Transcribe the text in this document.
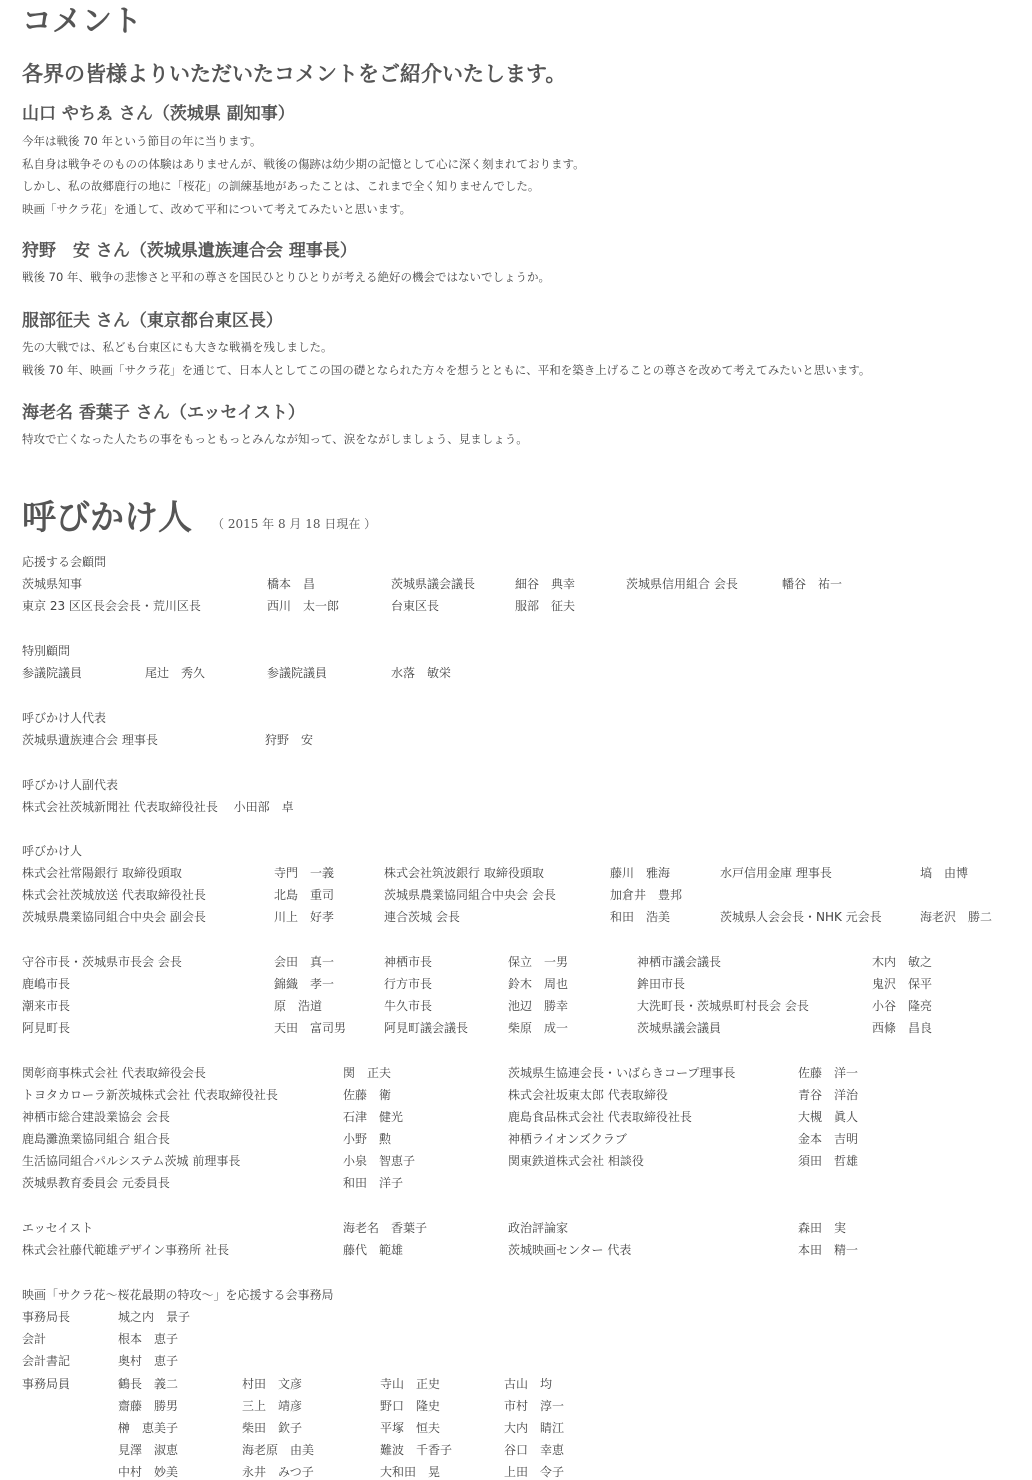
コメント
各界の皆様よりいただいたコメントをご紹介いたします。
山口 やちゑ さん（茨城県 副知事）
今年は戦後 70 年という節目の年に当ります。
私自身は戦争そのものの体験はありませんが、戦後の傷跡は幼少期の記憶として心に深く刻まれております。
しかし、私の故郷鹿行の地に「桜花」の訓練基地があったことは、これまで全く知りませんでした。
映画「サクラ花」を通して、改めて平和について考えてみたいと思います。
狩野　安 さん（茨城県遺族連合会 理事長）
戦後 70 年、戦争の悲惨さと平和の尊さを国民ひとりひとりが考える絶好の機会ではないでしょうか。
服部征夫 さん（東京都台東区長）
先の大戦では、私ども台東区にも大きな戦禍を残しました。
戦後 70 年、映画「サクラ花」を通じて、日本人としてこの国の礎となられた方々を想うとともに、平和を築き上げることの尊さを改めて考えてみたいと思います。
海老名 香葉子 さん（エッセイスト）
特攻で亡くなった人たちの事をもっともっとみんなが知って、涙をながしましょう、見ましょう。
呼びかけ人 （ 2015 年 8 月 18 日現在 ）
応援する会顧問
茨城県知事	橋本　昌	茨城県議会議長	細谷　典幸	茨城県信用組合 会長	幡谷　祐一
東京 23 区区長会会長・荒川区長	西川　太一郎	台東区長	服部　征夫
特別顧問
参議院議員	尾辻　秀久	参議院議員	水落　敏栄
呼びかけ人代表
茨城県遺族連合会 理事長	狩野　安
呼びかけ人副代表
株式会社茨城新聞社 代表取締役社長　 小田部　卓
呼びかけ人
株式会社常陽銀行 取締役頭取	寺門　一義	株式会社筑波銀行 取締役頭取	藤川　雅海	水戸信用金庫 理事長	塙　由博
株式会社茨城放送 代表取締役社長	北島　重司	茨城県農業協同組合中央会 会長	加倉井　豊邦
茨城県農業協同組合中央会 副会長	川上　好孝	連合茨城 会長	和田　浩美	茨城県人会会長・NHK 元会長	海老沢　勝二
守谷市長・茨城県市長会 会長	会田　真一	神栖市長	保立　一男	神栖市議会議長	木内　敏之
鹿嶋市長	錦織　孝一	行方市長	鈴木　周也	鉾田市長	鬼沢　保平
潮来市長	原　浩道	牛久市長	池辺　勝幸	大洗町長・茨城県町村長会 会長	小谷　隆亮
阿見町長	天田　富司男	阿見町議会議長	柴原　成一	茨城県議会議員	西條　昌良
関彰商事株式会社 代表取締役会長	関　正夫	茨城県生協連会長・いばらきコープ理事長	佐藤　洋一
トヨタカローラ新茨城株式会社 代表取締役社長	佐藤　衛	株式会社坂東太郎 代表取締役	青谷　洋治
神栖市総合建設業協会 会長	石津　健光	鹿島食品株式会社 代表取締役社長	大槻　眞人
鹿島灘漁業協同組合 組合長	小野　勲	神栖ライオンズクラブ	金本　吉明
生活協同組合パルシステム茨城 前理事長	小泉　智恵子	関東鉄道株式会社 相談役	須田　哲雄
茨城県教育委員会 元委員長	和田　洋子
エッセイスト	海老名　香葉子	政治評論家	森田　実
株式会社藤代範雄デザイン事務所 社長	藤代　範雄	茨城映画センター 代表	本田　精一
映画「サクラ花～桜花最期の特攻～」を応援する会事務局
事務局長	城之内　景子
会計	根本　恵子
会計書記	奥村　恵子
事務局員	鶴長　義二	村田　文彦	寺山　正史	古山　均
齋藤　勝男	三上　靖彦	野口　隆史	市村　淳一
榊　恵美子	柴田　欽子	平塚　恒夫	大内　睛江
見澤　淑恵	海老原　由美	難波　千香子	谷口　幸恵
中村　妙美	永井　みつ子	大和田　晃	上田　令子
